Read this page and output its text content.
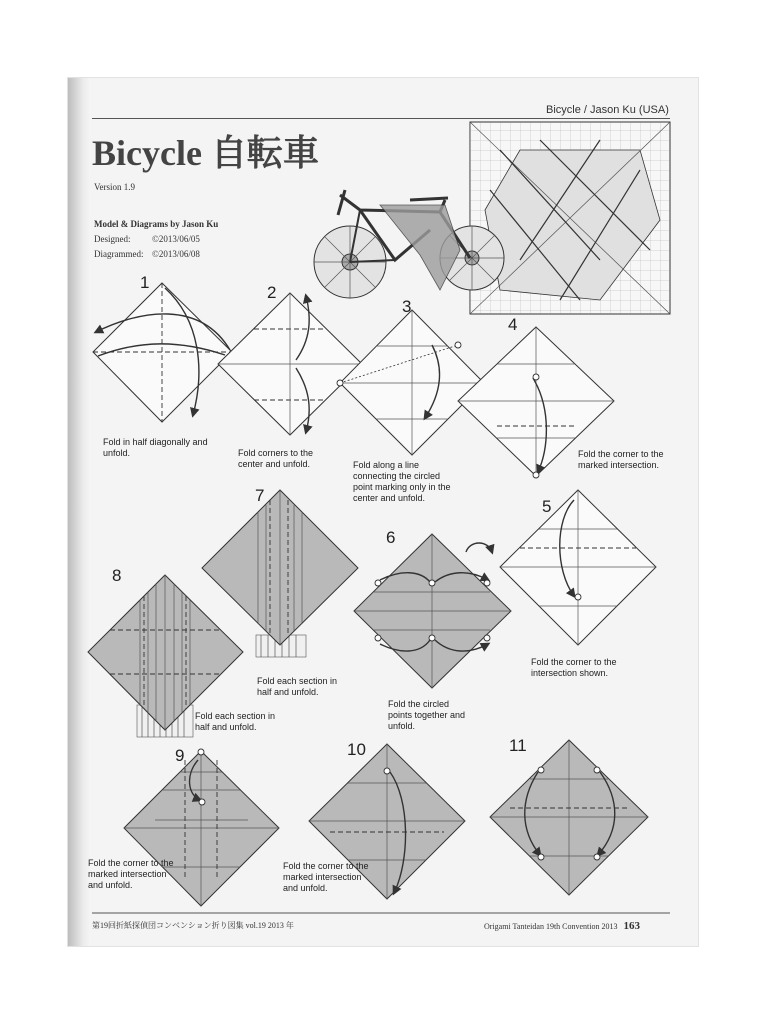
Bicycle / Jason Ku (USA)
Bicycle 自転車
Version 1.9
Model & Diagrams by Jason Ku
Designed: ©2013/06/05
Diagrammed: ©2013/06/08
1
2
3
4
5
6
7
8
9	10	11
Fold in half diagonally and unfold.	Fold corners to the center and unfold.	Fold along a line connecting the circled point marking only in the center and unfold.
Fold the corner to the marked intersection.
Fold the corner to the intersection shown.
Fold the circled points together and unfold.
Fold each section in half and unfold.
Fold each section in half and unfold.
Fold the corner to the marked intersection and unfold.
Fold the corner to the marked intersection and unfold.
第19回折紙探偵団コンベンション折り図集 vol.19 2013 年	Origami Tanteidan 19th Convention 2013 163
